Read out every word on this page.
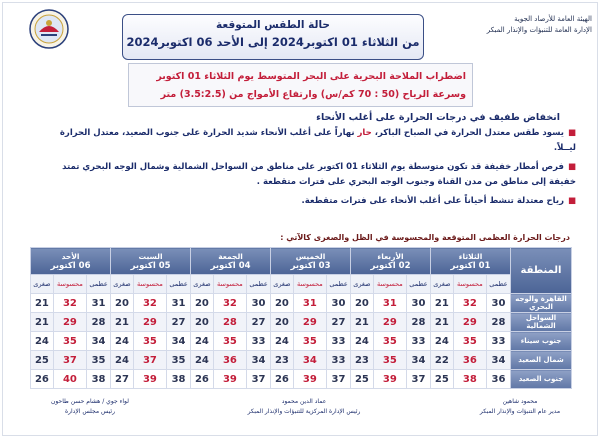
الهيئة العامة للأرصاد الجوية
الإدارة العامة للتنبؤات والإنذار المبكر
حالة الطقس المتوقعة
من الثلاثاء 01 اكتوبر2024 إلى الأحد 06 اكتوبر2024
اضطراب الملاحة البحرية على البحر المتوسط يوم الثلاثاء 01 اكتوبر
وسرعة الرياح (50 : 70 كم/س) وارتفاع الأمواج من (3.5:2.5) متر
انخفاض طفيف في درجات الحرارة على أغلب الأنحاء
■يسود طقس معتدل الحرارة في الصباح الباكر، حار نهاراً على أغلب الأنحاء شديد الحرارة على جنوب الصعيد، معتدل الحرارة ليــلاً.
■فرص أمطار خفيفة قد تكون متوسطة يوم الثلاثاء 01 اكتوبر على مناطق من السواحل الشمالية وشمال الوجه البحري تمتد خفيفة إلى مناطق من مدن القناة وجنوب الوجه البحري على فترات متقطعة .
■رياح معتدلة تنشط أحياناً على أغلب الأنحاء على فترات متقطعة.
درجات الحرارة العظمى المتوقعة والمحسوسة في الظل والصغرى كالآتي :
المنطقة	الثلاثاء
01 اكتوبر			الأربعاء
02 اكتوبر			الخميس
03 اكتوبر			الجمعة
04 اكتوبر			السبت
05 اكتوبر			الأحد
06 اكتوبر		

	عظمى	محسوسة	صغرى	عظمى	محسوسة	صغرى	عظمى	محسوسة	صغرى	عظمى	محسوسة	صغرى	عظمى	محسوسة	صغرى	عظمى	محسوسة	صغرى
القاهرة والوجه البحري	30	32	21	30	31	20	30	31	20	30	32	20	31	32	20	31	32	21
السواحل الشمالية	28	29	21	28	29	21	27	29	20	27	28	20	27	29	21	28	29	21
جنوب سيناء	33	35	24	33	35	24	33	35	24	33	35	24	34	35	24	34	35	24
شمال الصعيد	34	36	22	34	35	23	33	34	23	34	36	24	35	37	24	35	37	25
جنوب الصعيد	36	38	25	37	39	25	37	39	26	37	39	26	38	39	27	38	40	26
محمود شاهين
مدير عام التنبؤات والإنذار المبكر
عماد الدين محمود
رئيس الإدارة المركزية للتنبؤات والإنذار المبكر
لواء جوي / هشام حسن طاحون
رئيس مجلس الإدارة
